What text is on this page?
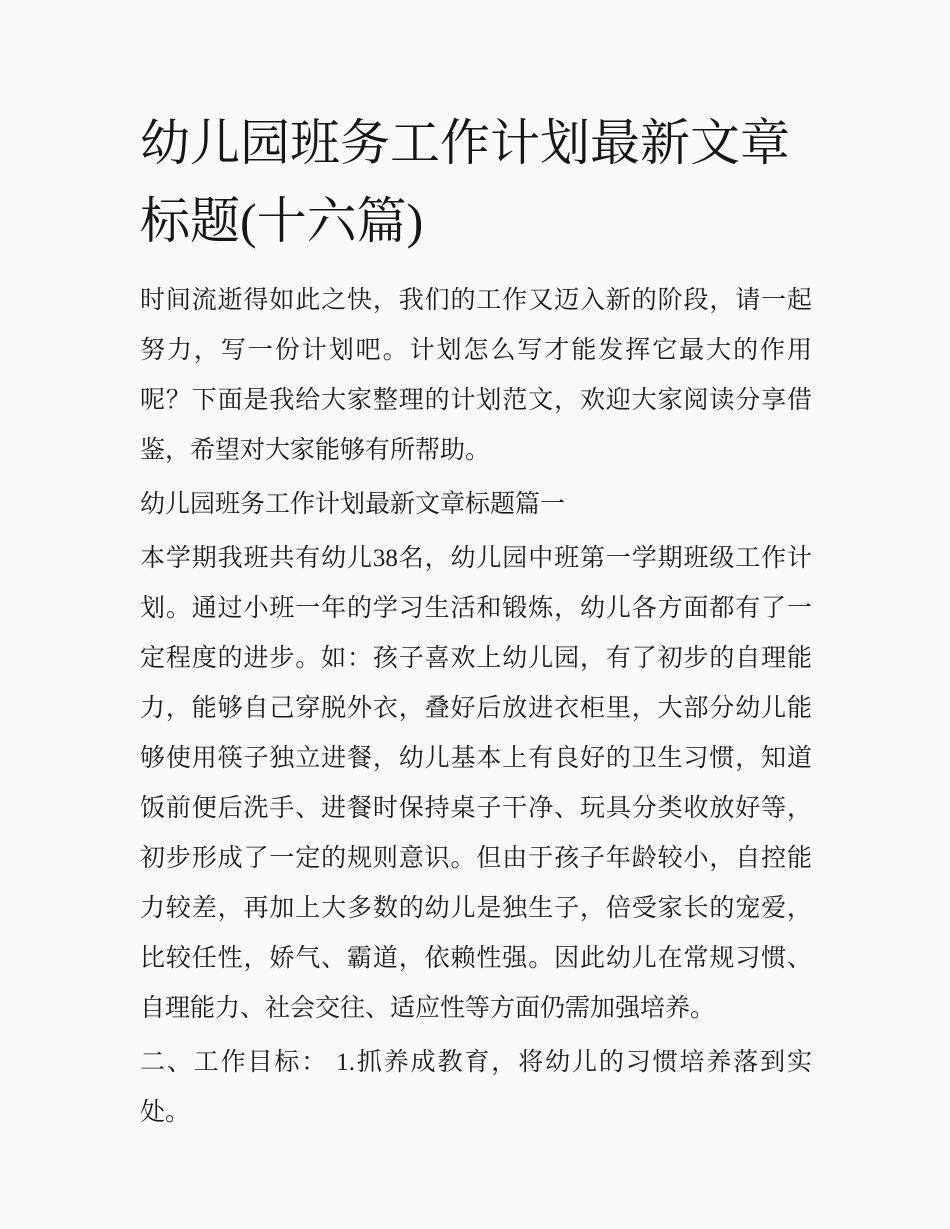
幼儿园班务工作计划最新文章标题(十六篇)

时间流逝得如此之快，我们的工作又迈入新的阶段，请一起努力，写一份计划吧。计划怎么写才能发挥它最大的作用呢？下面是我给大家整理的计划范文，欢迎大家阅读分享借鉴，希望对大家能够有所帮助。

幼儿园班务工作计划最新文章标题篇一

本学期我班共有幼儿38名，幼儿园中班第一学期班级工作计划。通过小班一年的学习生活和锻炼，幼儿各方面都有了一定程度的进步。如：孩子喜欢上幼儿园，有了初步的自理能力，能够自己穿脱外衣，叠好后放进衣柜里，大部分幼儿能够使用筷子独立进餐，幼儿基本上有良好的卫生习惯，知道饭前便后洗手、进餐时保持桌子干净、玩具分类收放好等，初步形成了一定的规则意识。但由于孩子年龄较小，自控能力较差，再加上大多数的幼儿是独生子，倍受家长的宠爱，比较任性，娇气、霸道，依赖性强。因此幼儿在常规习惯、自理能力、社会交往、适应性等方面仍需加强培养。

二、工作目标： 1.抓养成教育，将幼儿的习惯培养落到实处。
